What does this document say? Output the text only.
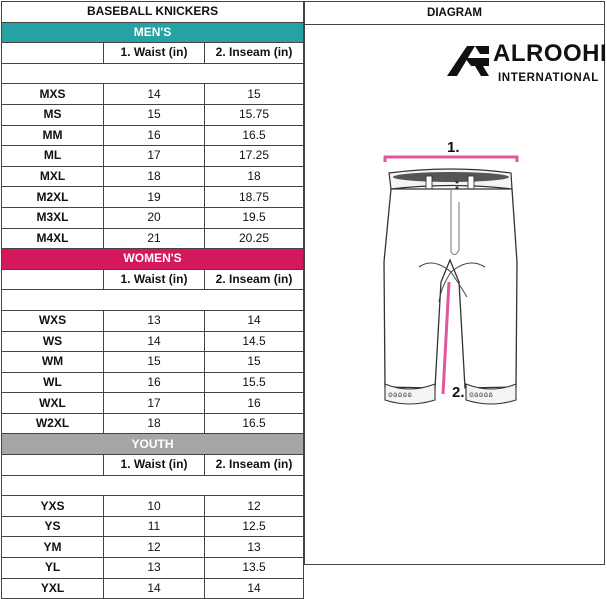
BASEBALL KNICKERS		
MEN'S		
	1. Waist (in)	2. Inseam (in)

MXS	14	15
MS	15	15.75
MM	16	16.5
ML	17	17.25
MXL	18	18
M2XL	19	18.75
M3XL	20	19.5
M4XL	21	20.25
WOMEN'S		
	1. Waist (in)	2. Inseam (in)

WXS	13	14
WS	14	14.5
WM	15	15
WL	16	15.5
WXL	17	16
W2XL	18	16.5
YOUTH		
	1. Waist (in)	2. Inseam (in)

YXS	10	12
YS	11	12.5
YM	12	13
YL	13	13.5
YXL	14	14
DIAGRAM
ALROOHI
INTERNATIONAL
1.
ʘɷɷɷɷ	ʘɷɷɷɷ
2.
